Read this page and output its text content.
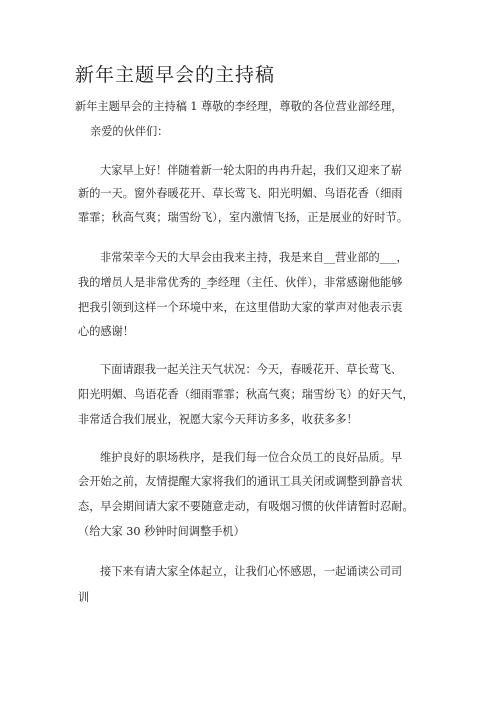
新年主题早会的主持稿
新年主题早会的主持稿 1 尊敬的李经理，尊敬的各位营业部经理，
亲爱的伙伴们：
大家早上好！伴随着新一轮太阳的冉冉升起，我们又迎来了崭
新的一天。窗外春暖花开、草长莺飞、阳光明媚、鸟语花香（细雨
霏霏；秋高气爽；瑞雪纷飞），室内激情飞扬，正是展业的好时节。
非常荣幸今天的大早会由我来主持，我是来自__营业部的___，
我的增员人是非常优秀的_李经理（主任、伙伴），非常感谢他能够
把我引领到这样一个环境中来，在这里借助大家的掌声对他表示衷
心的感谢！
下面请跟我一起关注天气状况：今天，春暖花开、草长莺飞、
阳光明媚、鸟语花香（细雨霏霏；秋高气爽；瑞雪纷飞）的好天气，
非常适合我们展业，祝愿大家今天拜访多多，收获多多！
维护良好的职场秩序，是我们每一位合众员工的良好品质。早
会开始之前，友情提醒大家将我们的通讯工具关闭或调整到静音状
态，早会期间请大家不要随意走动，有吸烟习惯的伙伴请暂时忍耐。
（给大家 30 秒钟时间调整手机）
接下来有请大家全体起立，让我们心怀感恩，一起诵读公司司
训
